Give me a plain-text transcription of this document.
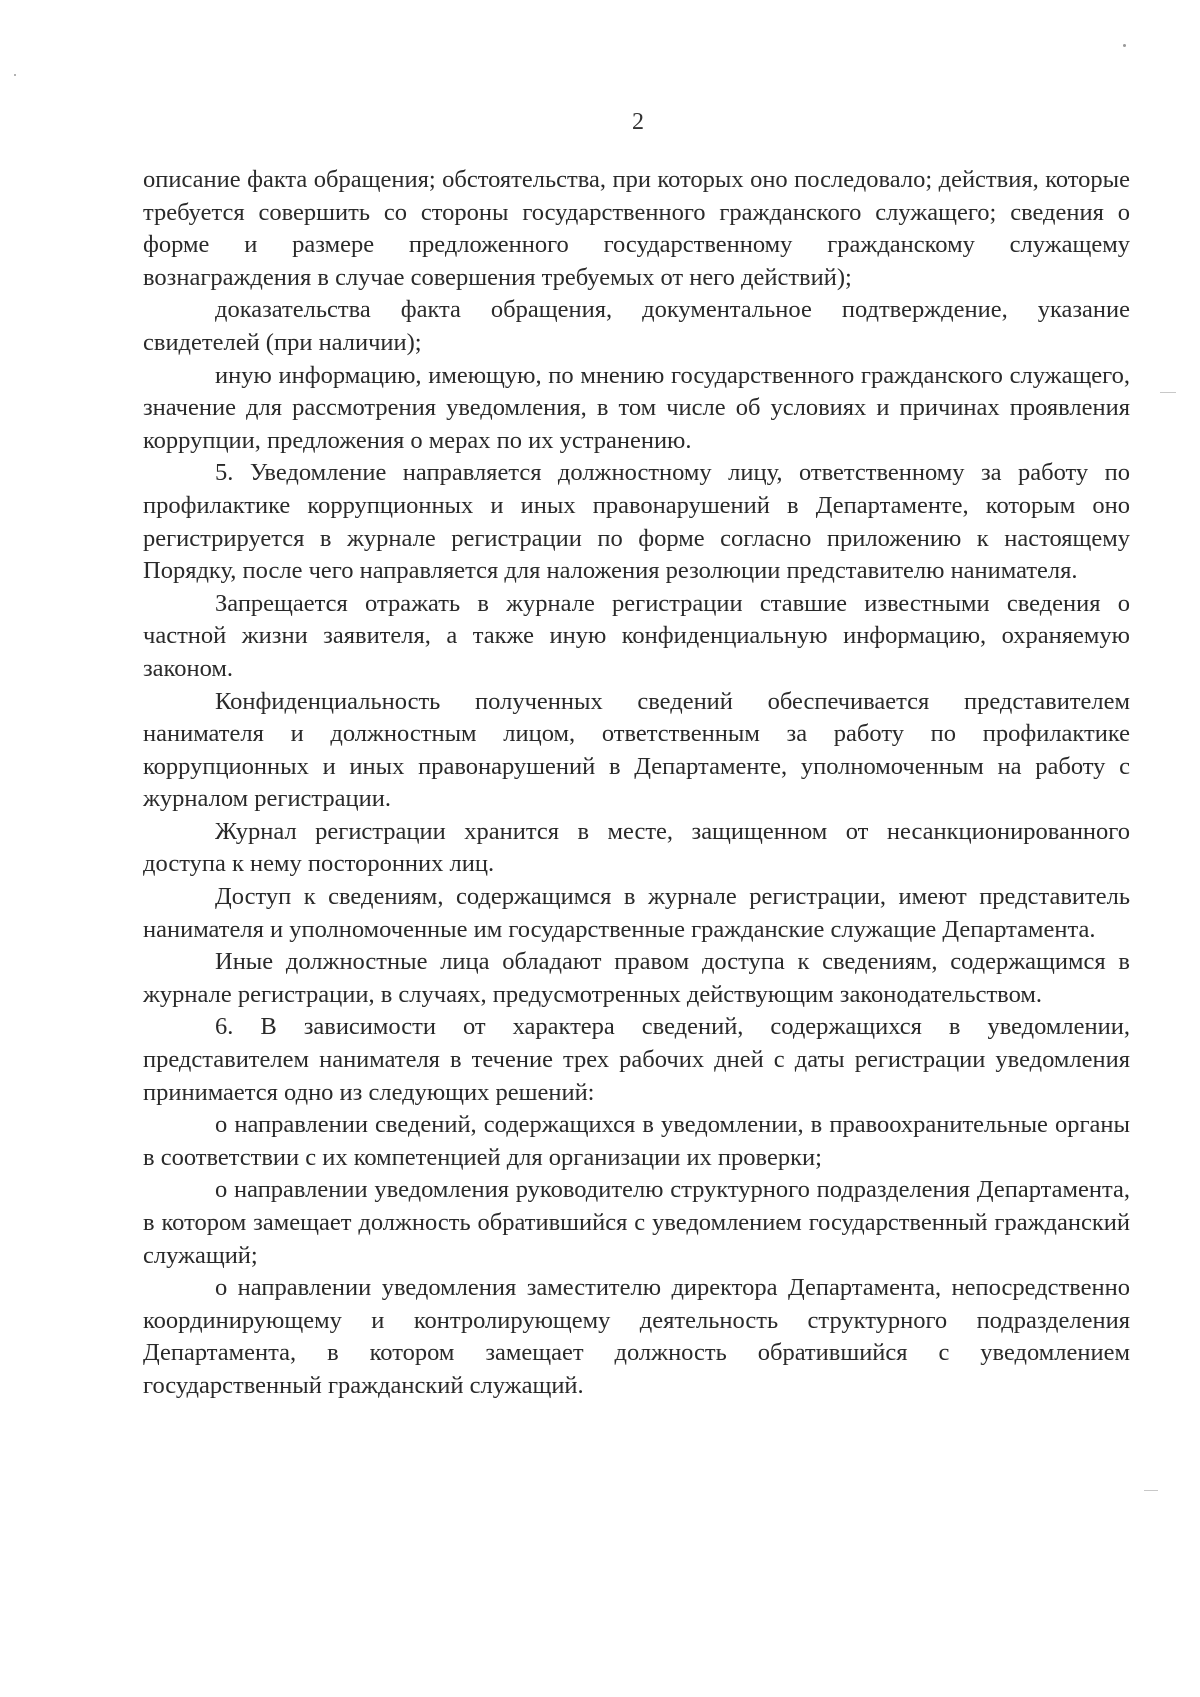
2

описание факта обращения; обстоятельства, при которых оно последовало; действия, которые требуется совершить со стороны государственного гражданского служащего; сведения о форме и размере предложенного государственному гражданскому служащему вознаграждения в случае совершения требуемых от него действий);

доказательства факта обращения, документальное подтверждение, указание свидетелей (при наличии);

иную информацию, имеющую, по мнению государственного гражданского служащего, значение для рассмотрения уведомления, в том числе об условиях и причинах проявления коррупции, предложения о мерах по их устранению.

5. Уведомление направляется должностному лицу, ответственному за работу по профилактике коррупционных и иных правонарушений в Департаменте, которым оно регистрируется в журнале регистрации по форме согласно приложению к настоящему Порядку, после чего направляется для наложения резолюции представителю нанимателя.

Запрещается отражать в журнале регистрации ставшие известными сведения о частной жизни заявителя, а также иную конфиденциальную информацию, охраняемую законом.

Конфиденциальность полученных сведений обеспечивается представителем нанимателя и должностным лицом, ответственным за работу по профилактике коррупционных и иных правонарушений в Департаменте, уполномоченным на работу с журналом регистрации.

Журнал регистрации хранится в месте, защищенном от несанкционированного доступа к нему посторонних лиц.

Доступ к сведениям, содержащимся в журнале регистрации, имеют представитель нанимателя и уполномоченные им государственные гражданские служащие Департамента.

Иные должностные лица обладают правом доступа к сведениям, содержащимся в журнале регистрации, в случаях, предусмотренных действующим законодательством.

6. В зависимости от характера сведений, содержащихся в уведомлении, представителем нанимателя в течение трех рабочих дней с даты регистрации уведомления принимается одно из следующих решений:

о направлении сведений, содержащихся в уведомлении, в правоохранительные органы в соответствии с их компетенцией для организации их проверки;

о направлении уведомления руководителю структурного подразделения Департамента, в котором замещает должность обратившийся с уведомлением государственный гражданский служащий;

о направлении уведомления заместителю директора Департамента, непосредственно координирующему и контролирующему деятельность структурного подразделения Департамента, в котором замещает должность обратившийся с уведомлением государственный гражданский служащий.
